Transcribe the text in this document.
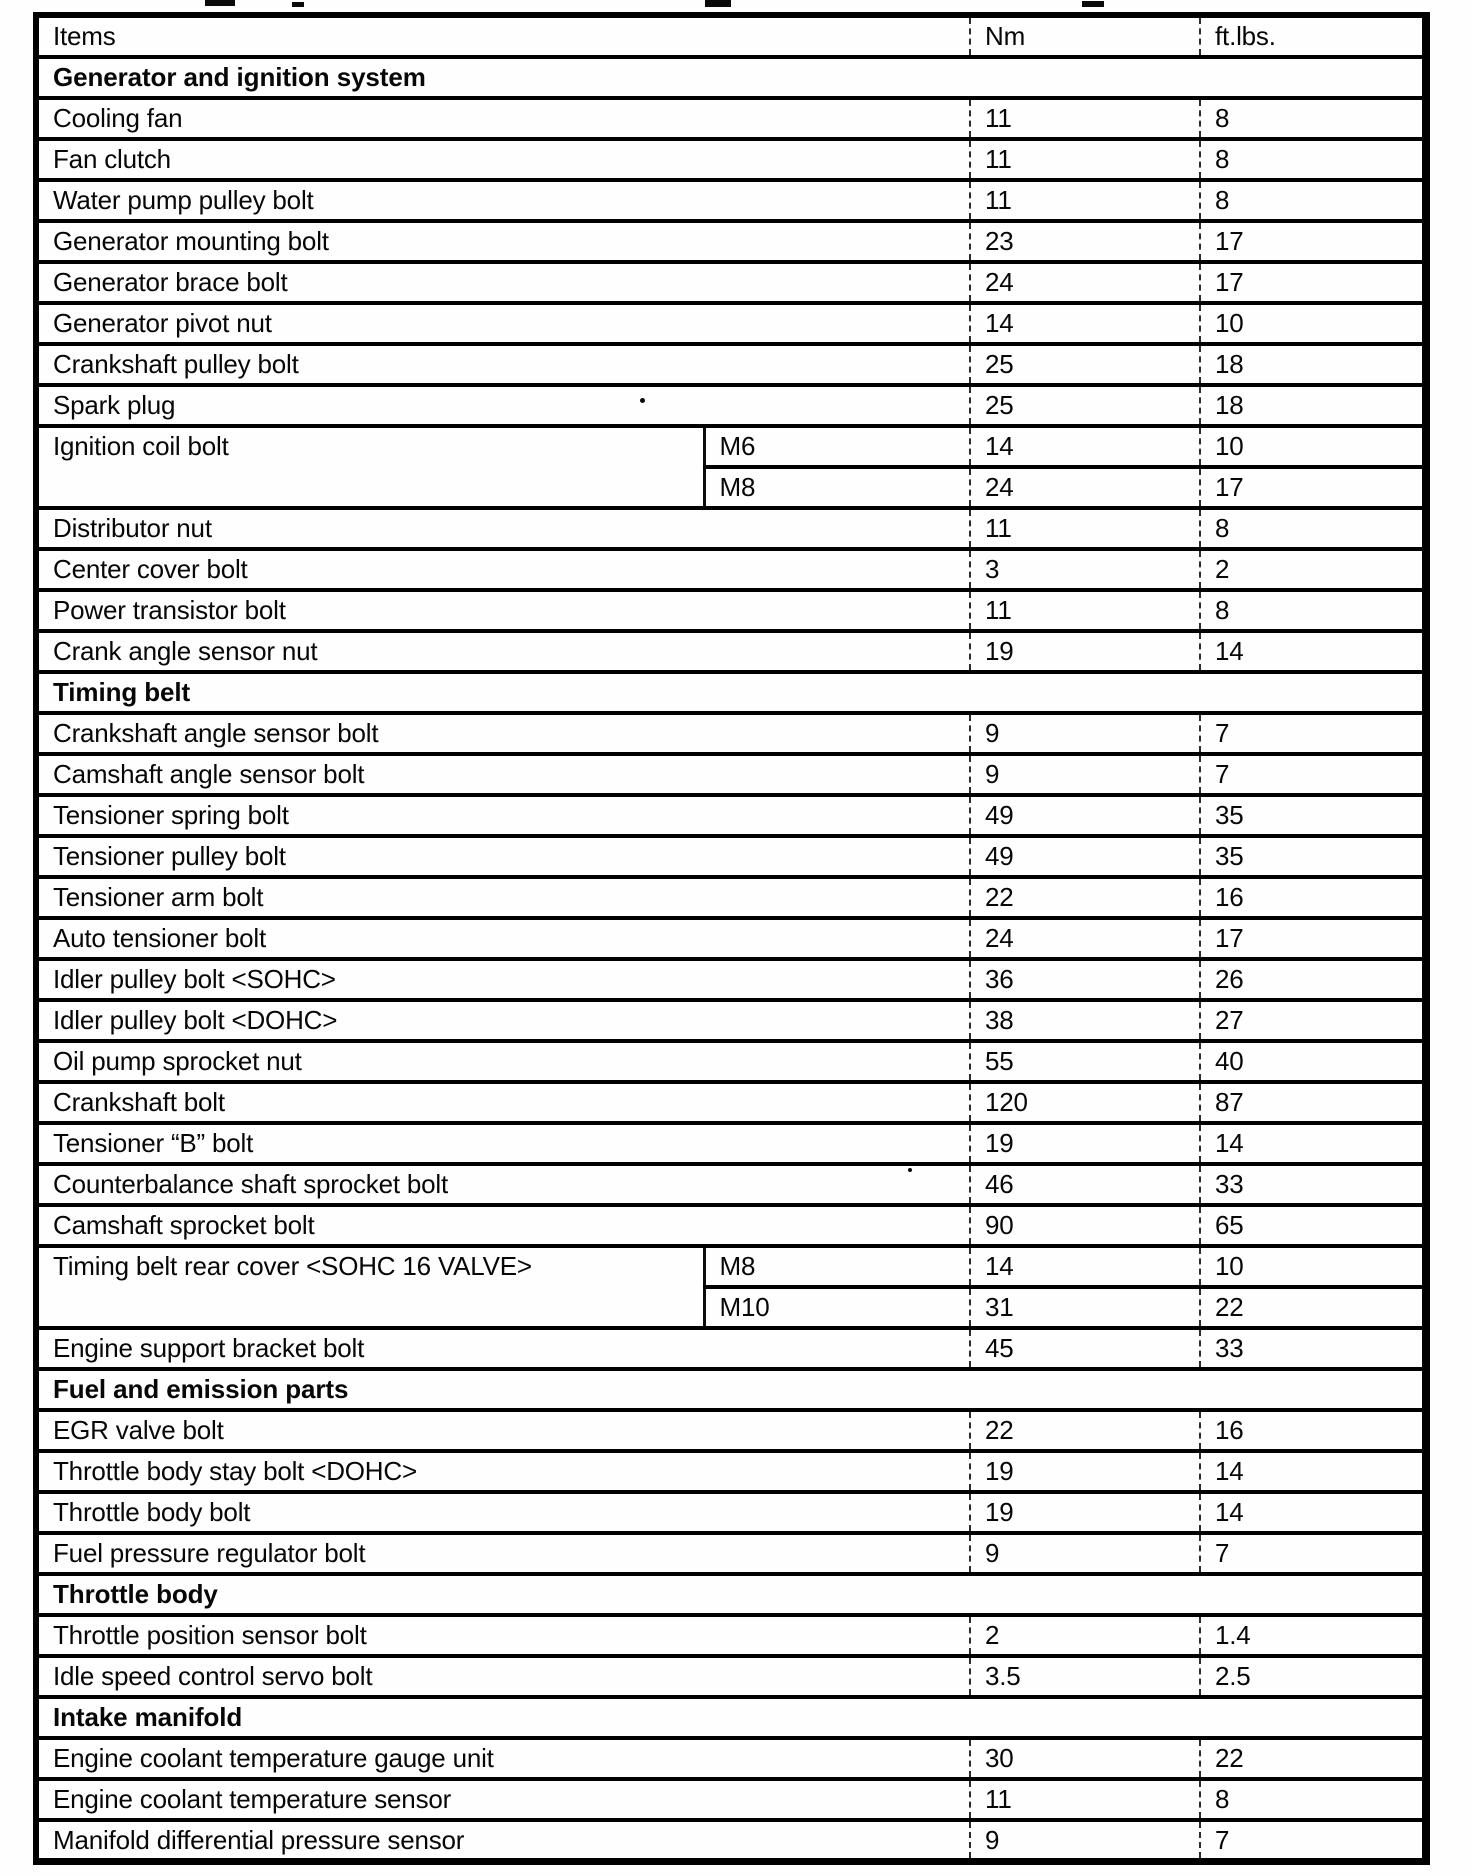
Items		Nm	ft.lbs.
Generator and ignition system			
Cooling fan		11	8
Fan clutch		11	8
Water pump pulley bolt		11	8
Generator mounting bolt		23	17
Generator brace bolt		24	17
Generator pivot nut		14	10
Crankshaft pulley bolt		25	18
Spark plug		25	18
Ignition coil bolt	M6	14	10
	M8	24	17
Distributor nut		11	8
Center cover bolt		3	2
Power transistor bolt		11	8
Crank angle sensor nut		19	14
Timing belt			
Crankshaft angle sensor bolt		9	7
Camshaft angle sensor bolt		9	7
Tensioner spring bolt		49	35
Tensioner pulley bolt		49	35
Tensioner arm bolt		22	16
Auto tensioner bolt		24	17
Idler pulley bolt <SOHC>		36	26
Idler pulley bolt <DOHC>		38	27
Oil pump sprocket nut		55	40
Crankshaft bolt		120	87
Tensioner “B” bolt		19	14
Counterbalance shaft sprocket bolt		46	33
Camshaft sprocket bolt		90	65
Timing belt rear cover <SOHC 16 VALVE>	M8	14	10
	M10	31	22
Engine support bracket bolt		45	33
Fuel and emission parts			
EGR valve bolt		22	16
Throttle body stay bolt <DOHC>		19	14
Throttle body bolt		19	14
Fuel pressure regulator bolt		9	7
Throttle body			
Throttle position sensor bolt		2	1.4
Idle speed control servo bolt		3.5	2.5
Intake manifold			
Engine coolant temperature gauge unit		30	22
Engine coolant temperature sensor		11	8
Manifold differential pressure sensor		9	7
